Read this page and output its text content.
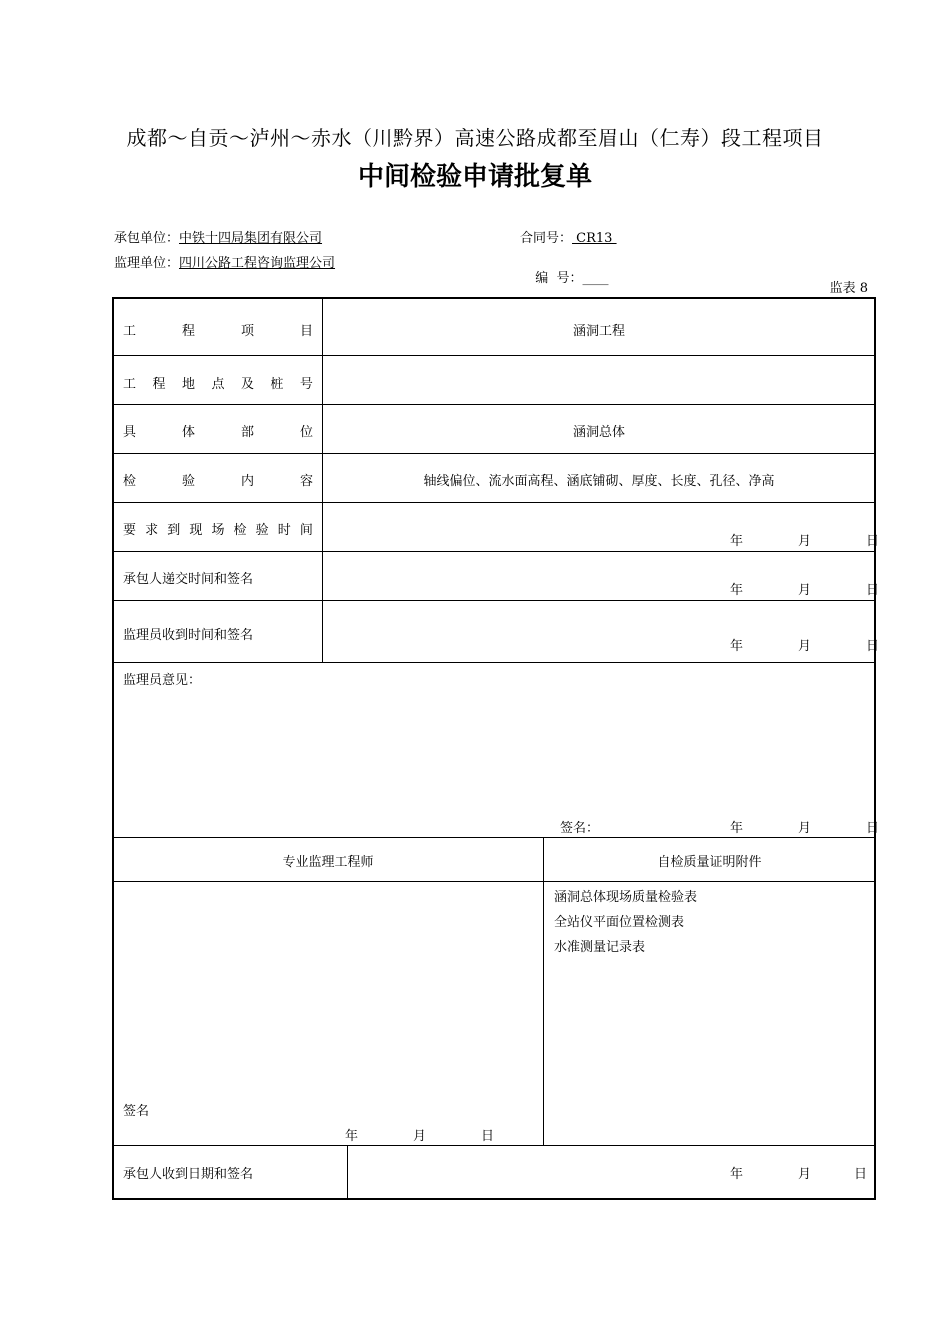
成都～自贡～泸州～赤水（川黔界）高速公路成都至眉山（仁寿）段工程项目
中间检验申请批复单
承包单位：中铁十四局集团有限公司
监理单位：四川公路工程咨询监理公司
合同号： CR13

编  号：____

监表 8
工	程	项	目	涵洞工程
工 程 地 点 及 桩 号
具	体	部	位	涵洞总体
检	验	内	容	轴线偏位、流水面高程、涵底铺砌、厚度、长度、孔径、净高
要 求 到 现 场 检 验 时 间
年	月	日
承包人递交时间和签名
年	月	日
监理员收到时间和签名
年	月	日
监理员意见：
签名：	年	月	日
专业监理工程师	自检质量证明附件
涵洞总体现场质量检验表
全站仪平面位置检测表
水准测量记录表
签名
年	月	日
承包人收到日期和签名	年	月	日
